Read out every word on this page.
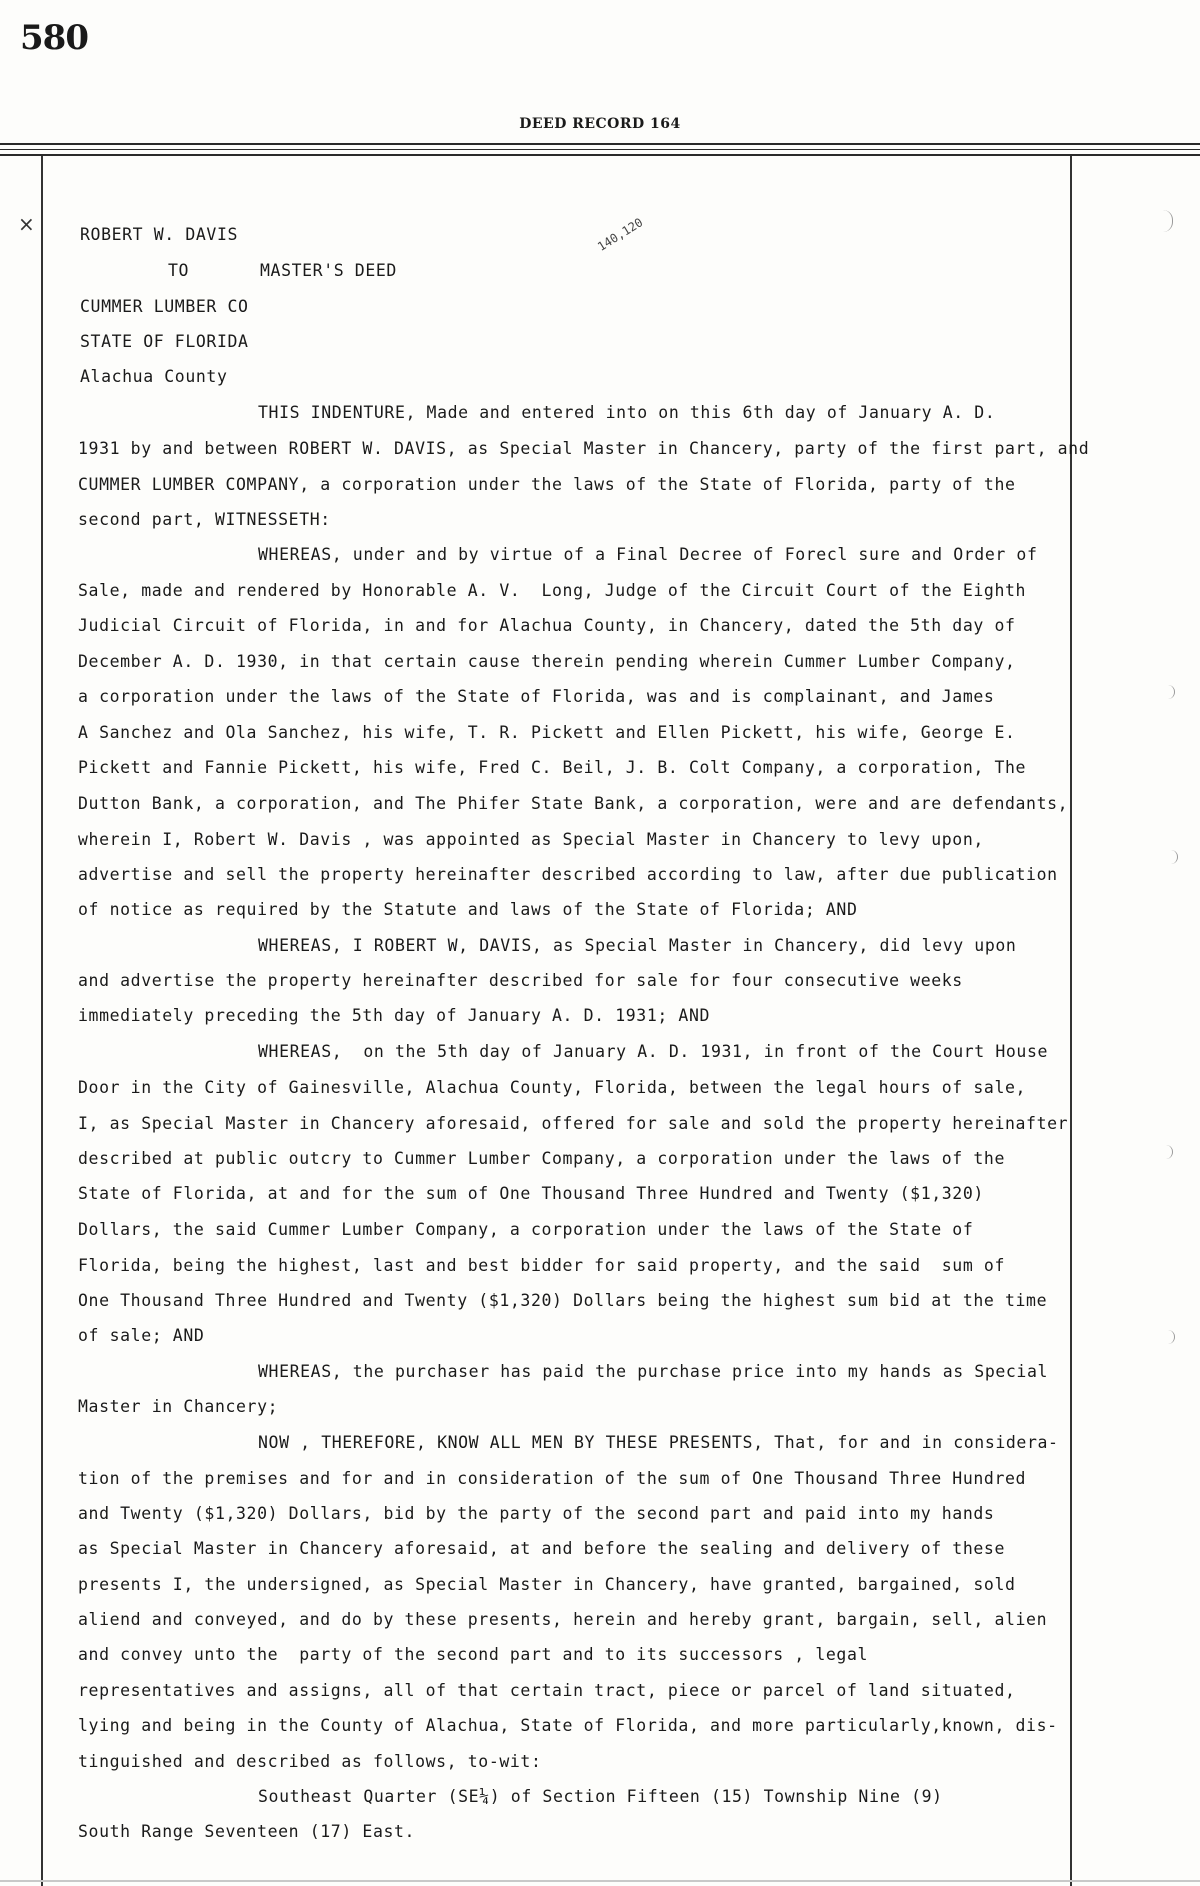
580
DEED RECORD 164
×	140,120
ROBERT W. DAVIS
TO	MASTER'S DEED
CUMMER LUMBER CO
STATE OF FLORIDA
Alachua County
THIS INDENTURE, Made and entered into on this 6th day of January A. D.
1931 by and between ROBERT W. DAVIS, as Special Master in Chancery, party of the first part, and
CUMMER LUMBER COMPANY, a corporation under the laws of the State of Florida, party of the
second part, WITNESSETH:
WHEREAS, under and by virtue of a Final Decree of Forecl sure and Order of
Sale, made and rendered by Honorable A. V.  Long, Judge of the Circuit Court of the Eighth
Judicial Circuit of Florida, in and for Alachua County, in Chancery, dated the 5th day of
December A. D. 1930, in that certain cause therein pending wherein Cummer Lumber Company,
a corporation under the laws of the State of Florida, was and is complainant, and James
A Sanchez and Ola Sanchez, his wife, T. R. Pickett and Ellen Pickett, his wife, George E.
Pickett and Fannie Pickett, his wife, Fred C. Beil, J. B. Colt Company, a corporation, The
Dutton Bank, a corporation, and The Phifer State Bank, a corporation, were and are defendants,
wherein I, Robert W. Davis , was appointed as Special Master in Chancery to levy upon,
advertise and sell the property hereinafter described according to law, after due publication
of notice as required by the Statute and laws of the State of Florida; AND
WHEREAS, I ROBERT W, DAVIS, as Special Master in Chancery, did levy upon
and advertise the property hereinafter described for sale for four consecutive weeks
immediately preceding the 5th day of January A. D. 1931; AND
WHEREAS,  on the 5th day of January A. D. 1931, in front of the Court House
Door in the City of Gainesville, Alachua County, Florida, between the legal hours of sale,
I, as Special Master in Chancery aforesaid, offered for sale and sold the property hereinafter
described at public outcry to Cummer Lumber Company, a corporation under the laws of the
State of Florida, at and for the sum of One Thousand Three Hundred and Twenty ($1,320)
Dollars, the said Cummer Lumber Company, a corporation under the laws of the State of
Florida, being the highest, last and best bidder for said property, and the said  sum of
One Thousand Three Hundred and Twenty ($1,320) Dollars being the highest sum bid at the time
of sale; AND
WHEREAS, the purchaser has paid the purchase price into my hands as Special
Master in Chancery;
NOW , THEREFORE, KNOW ALL MEN BY THESE PRESENTS, That, for and in considera-
tion of the premises and for and in consideration of the sum of One Thousand Three Hundred
and Twenty ($1,320) Dollars, bid by the party of the second part and paid into my hands
as Special Master in Chancery aforesaid, at and before the sealing and delivery of these
presents I, the undersigned, as Special Master in Chancery, have granted, bargained, sold
aliend and conveyed, and do by these presents, herein and hereby grant, bargain, sell, alien
and convey unto the  party of the second part and to its successors , legal
representatives and assigns, all of that certain tract, piece or parcel of land situated,
lying and being in the County of Alachua, State of Florida, and more particularly,known, dis-
tinguished and described as follows, to-wit:
Southeast Quarter (SE¼) of Section Fifteen (15) Township Nine (9)
South Range Seventeen (17) East.
